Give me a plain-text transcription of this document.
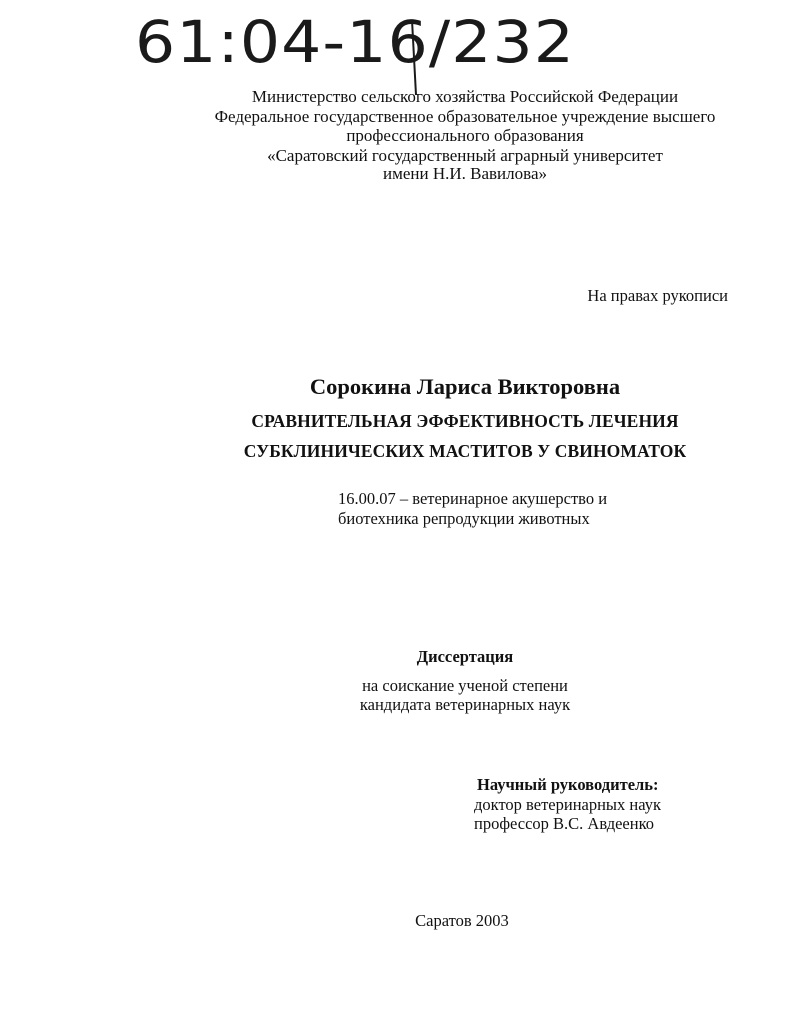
61:04-16/232
Министерство сельского хозяйства Российской Федерации
Федеральное государственное образовательное учреждение высшего
профессионального образования
«Саратовский государственный аграрный университет
имени Н.И. Вавилова»
На правах рукописи
Сорокина Лариса Викторовна
СРАВНИТЕЛЬНАЯ ЭФФЕКТИВНОСТЬ ЛЕЧЕНИЯ
СУБКЛИНИЧЕСКИХ МАСТИТОВ У СВИНОМАТОК
16.00.07 – ветеринарное акушерство и
биотехника репродукции животных
Диссертация
на соискание ученой степени
кандидата ветеринарных наук
Научный руководитель:
доктор ветеринарных наук
профессор В.С. Авдеенко
Саратов 2003
